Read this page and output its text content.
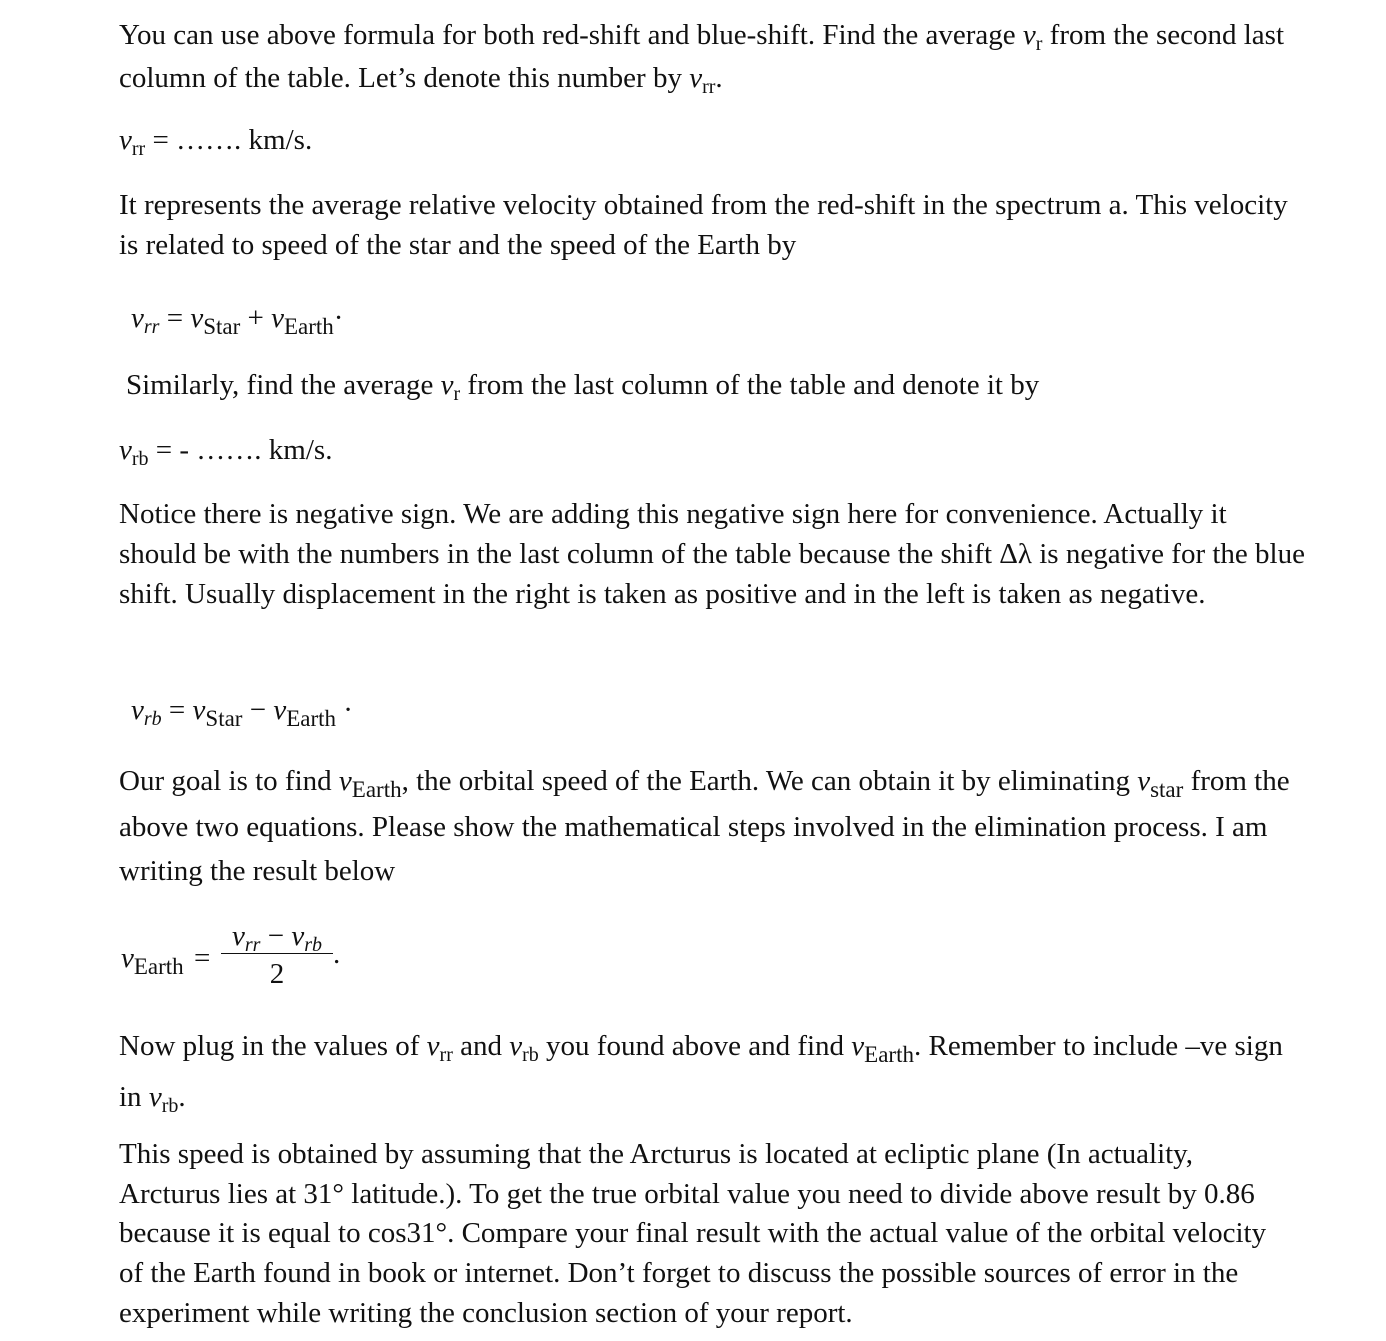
You can use above formula for both red-shift and blue-shift. Find the average $v_r$ from the second last column of the table. Let’s denote this number by $v_{rr}$.

$v_{rr}$ = ……. km/s.

It represents the average relative velocity obtained from the red-shift in the spectrum a. This velocity is related to speed of the star and the speed of the Earth by

$v_{rr} = v_{Star} + v_{Earth}\cdot$
Similarly, find the average $v_r$ from the last column of the table and denote it by
$v_{rb}$ = - ……. km/s.

Notice there is negative sign. We are adding this negative sign here for convenience. Actually it should be with the numbers in the last column of the table because the shift Δλ is negative for the blue shift. Usually displacement in the right is taken as positive and in the left is taken as negative.

$v_{rb} = v_{Star} - v_{Earth}$ ·

Our goal is to find $v_{Earth}$, the orbital speed of the Earth. We can obtain it by eliminating $v_{star}$ from the above two equations. Please show the mathematical steps involved in the elimination process. I am writing the result below

$v_{Earth}$ =
$v_{rr} - v_{rb}$
2
.

Now plug in the values of $v_{rr}$ and $v_{rb}$ you found above and find $v_{Earth}$. Remember to include –ve sign in $v_{rb}$.

This speed is obtained by assuming that the Arcturus is located at ecliptic plane (In actuality, Arcturus lies at 31° latitude.). To get the true orbital value you need to divide above result by 0.86 because it is equal to cos31°. Compare your final result with the actual value of the orbital velocity of the Earth found in book or internet. Don’t forget to discuss the possible sources of error in the experiment while writing the conclusion section of your report.
